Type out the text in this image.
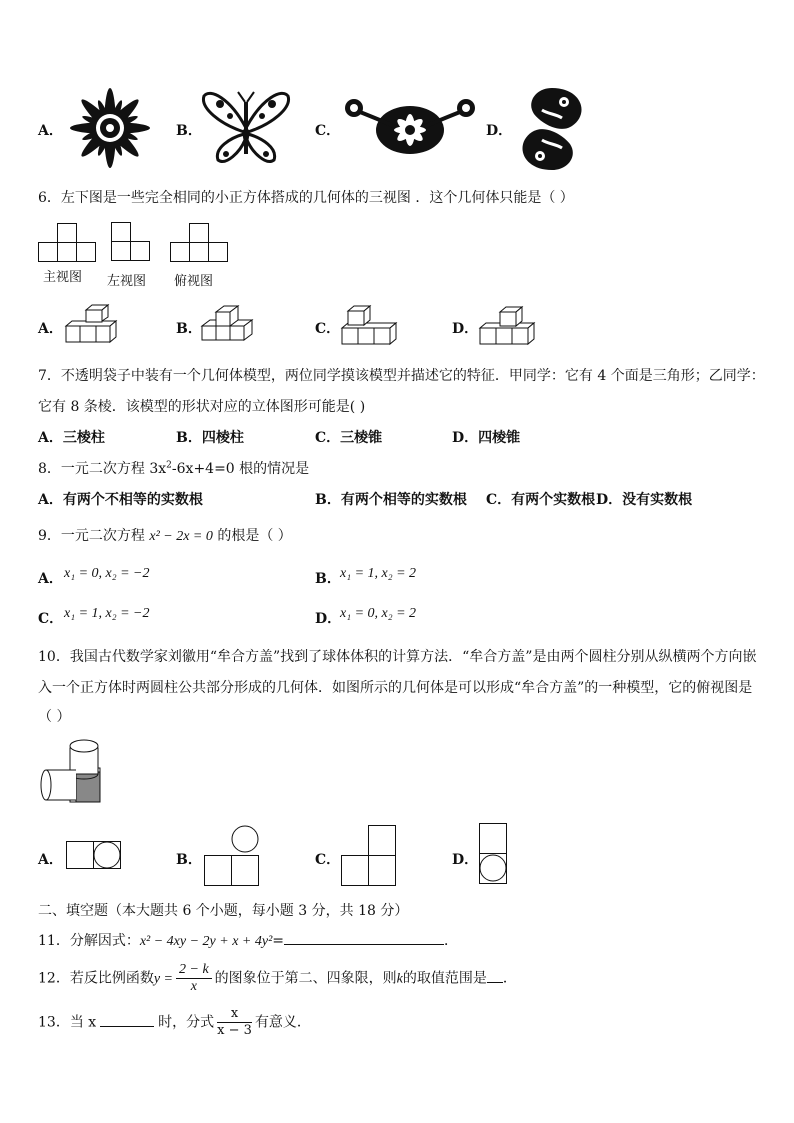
A．	B．	C．	D．
6．左下图是一些完全相同的小正方体搭成的几何体的三视图 ．这个几何体只能是（ ）
主视图 左视图 俯视图
A．	B．	C．	D．
7．不透明袋子中装有一个几何体模型，两位同学摸该模型并描述它的特征．甲同学：它有 4 个面是三角形；乙同学：
它有 8 条棱．该模型的形状对应的立体图形可能是( )
A．三棱柱	B．四棱柱	C．三棱锥	D．四棱锥
8．一元二次方程 $3x^2-6x+4=0$ 根的情况是
A．有两个不相等的实数根	B．有两个相等的实数根 C．有两个实数根 D．没有实数根
9．一元二次方程 x² − 2x = 0 的根是（ ）
A． x₁ = 0, x₂ = −2	B． x₁ = 1, x₂ = 2
C． x₁ = 1, x₂ = −2	D．
x₁ = 0, x₂ = 2
10．我国古代数学家刘徽用“牟合方盖”找到了球体体积的计算方法．“牟合方盖”是由两个圆柱分别从纵横两个方向嵌
入一个正方体时两圆柱公共部分形成的几何体．如图所示的几何体是可以形成“牟合方盖”的一种模型，它的俯视图是
（ ）
A．	B．	C．	D．
二、填空题（本大题共 6 个小题，每小题 3 分，共 18 分）
11．分解因式：x² − 4xy − 2y + x + 4y²=	．
12．若反比例函数$y = \frac{2 - k}{x}$ 的图象位于第二、四象限，则k的取值范围是 ．
13．当 x	时，分式 $\frac{x}{x - 3}$ 有意义．
